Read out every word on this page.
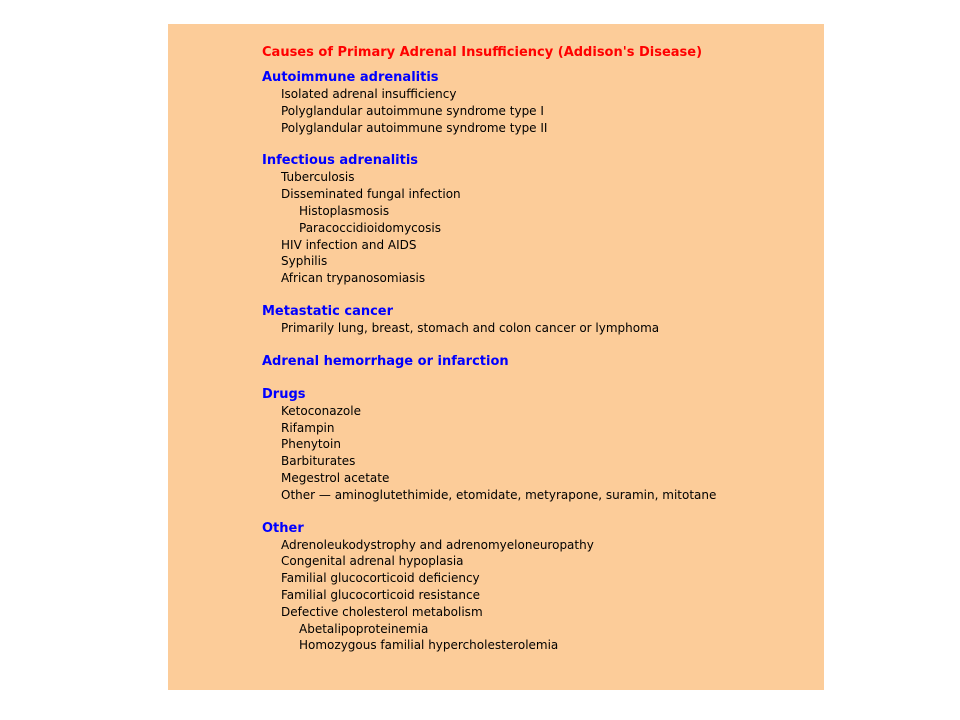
Causes of Primary Adrenal Insufficiency (Addison's Disease)
Autoimmune adrenalitis
Isolated adrenal insufficiency
Polyglandular autoimmune syndrome type I
Polyglandular autoimmune syndrome type II
Infectious adrenalitis
Tuberculosis
Disseminated fungal infection
Histoplasmosis
Paracoccidioidomycosis
HIV infection and AIDS
Syphilis
African trypanosomiasis
Metastatic cancer
Primarily lung, breast, stomach and colon cancer or lymphoma
Adrenal hemorrhage or infarction
Drugs
Ketoconazole
Rifampin
Phenytoin
Barbiturates
Megestrol acetate
Other — aminoglutethimide, etomidate, metyrapone, suramin, mitotane
Other
Adrenoleukodystrophy and adrenomyeloneuropathy
Congenital adrenal hypoplasia
Familial glucocorticoid deficiency
Familial glucocorticoid resistance
Defective cholesterol metabolism
Abetalipoproteinemia
Homozygous familial hypercholesterolemia
